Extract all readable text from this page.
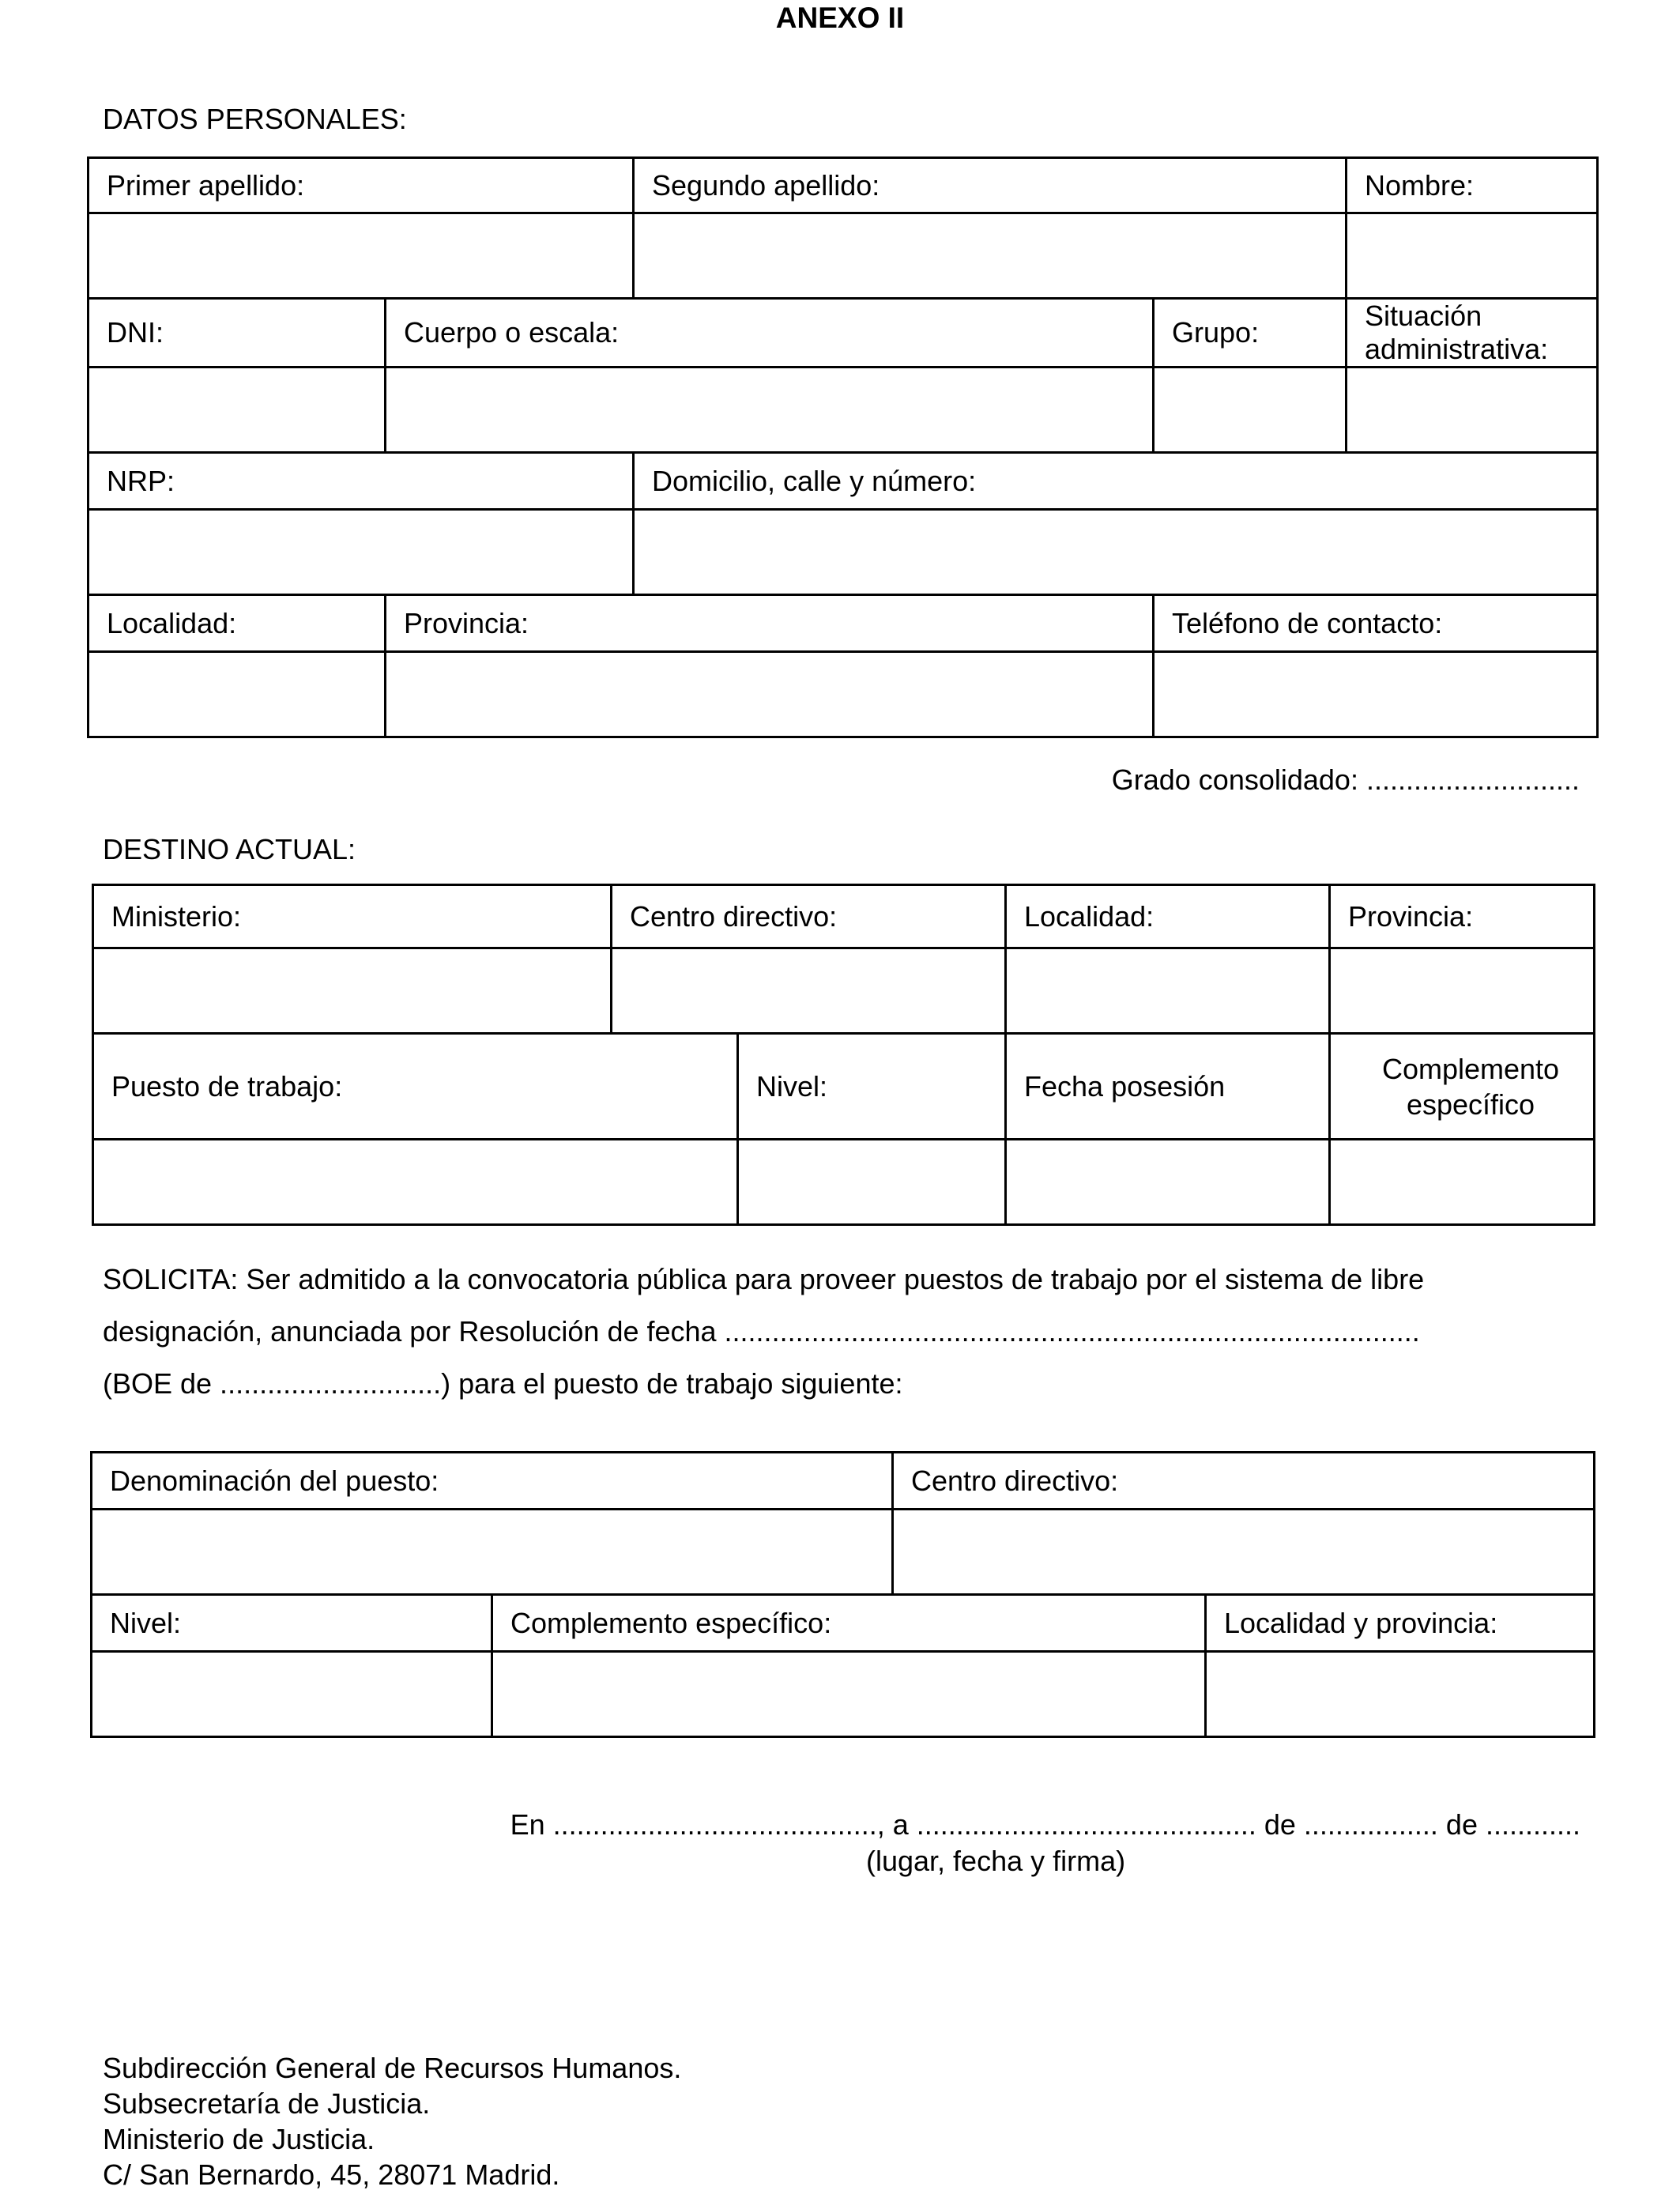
ANEXO II
DATOS PERSONALES:
Primer apellido:		Segundo apellido:		Nombre:

DNI:	Cuerpo o escala:		Grupo:	Situación administrativa:

NRP:		Domicilio, calle y número:		

Localidad:	Provincia:		Teléfono de contacto:	

Grado consolidado: ...........................
DESTINO ACTUAL:
Ministerio:	Centro directivo:		Localidad:	Provincia:

Puesto de trabajo:		Nivel:	Fecha posesión	Complemento
específico

SOLICITA: Ser admitido a la convocatoria pública para proveer puestos de trabajo por el sistema de libre
designación, anunciada por Resolución de fecha ........................................................................................
(BOE de ............................) para el puesto de trabajo siguiente:
Denominación del puesto:		Centro directivo:	

Nivel:	Complemento específico:		Localidad y provincia:

En ........................................., a ........................................... de ................. de ............
(lugar, fecha y firma)
Subdirección General de Recursos Humanos.
Subsecretaría de Justicia.
Ministerio de Justicia.
C/ San Bernardo, 45, 28071 Madrid.
